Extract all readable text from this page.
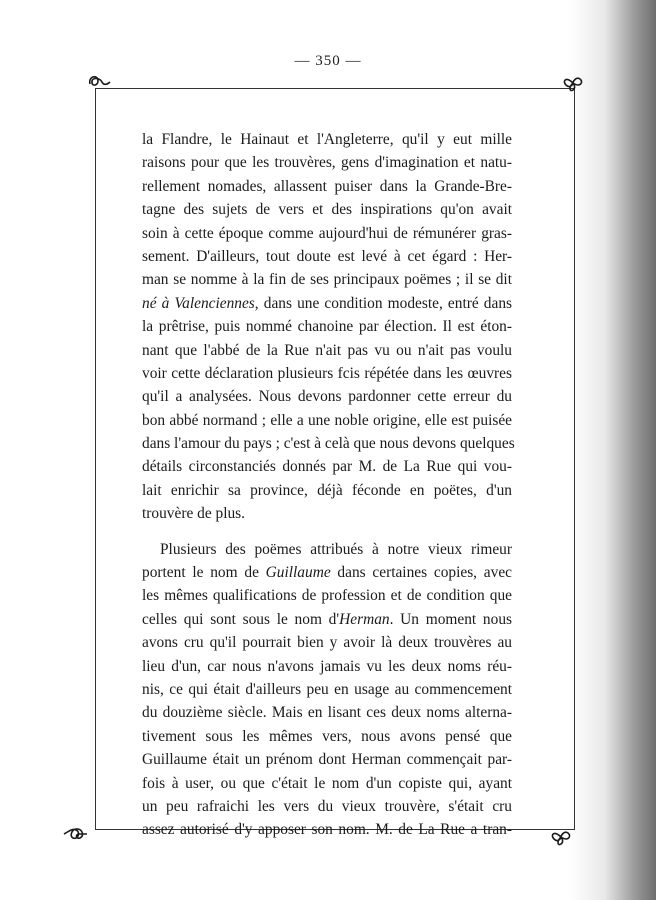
— 350 —
la Flandre, le Hainaut et l'Angleterre, qu'il y eut mille
raisons pour que les trouvères, gens d'imagination et natu-
rellement nomades, allassent puiser dans la Grande-Bre-
tagne des sujets de vers et des inspirations qu'on avait
soin à cette époque comme aujourd'hui de rémunérer gras-
sement. D'ailleurs, tout doute est levé à cet égard : Her-
man se nomme à la fin de ses principaux poëmes ; il se dit
né à Valenciennes, dans une condition modeste, entré dans
la prêtrise, puis nommé chanoine par élection. Il est éton-
nant que l'abbé de la Rue n'ait pas vu ou n'ait pas voulu
voir cette déclaration plusieurs fcis répétée dans les œuvres
qu'il a analysées. Nous devons pardonner cette erreur du
bon abbé normand ; elle a une noble origine, elle est puisée
dans l'amour du pays ; c'est à celà que nous devons quelques
détails circonstanciés donnés par M. de La Rue qui vou-
lait enrichir sa province, déjà féconde en poëtes, d'un
trouvère de plus.
Plusieurs des poëmes attribués à notre vieux rimeur
portent le nom de Guillaume dans certaines copies, avec
les mêmes qualifications de profession et de condition que
celles qui sont sous le nom d'Herman. Un moment nous
avons cru qu'il pourrait bien y avoir là deux trouvères au
lieu d'un, car nous n'avons jamais vu les deux noms réu-
nis, ce qui était d'ailleurs peu en usage au commencement
du douzième siècle. Mais en lisant ces deux noms alterna-
tivement sous les mêmes vers, nous avons pensé que
Guillaume était un prénom dont Herman commençait par-
fois à user, ou que c'était le nom d'un copiste qui, ayant
un peu rafraichi les vers du vieux trouvère, s'était cru
assez autorisé d'y apposer son nom. M. de La Rue a tran-
